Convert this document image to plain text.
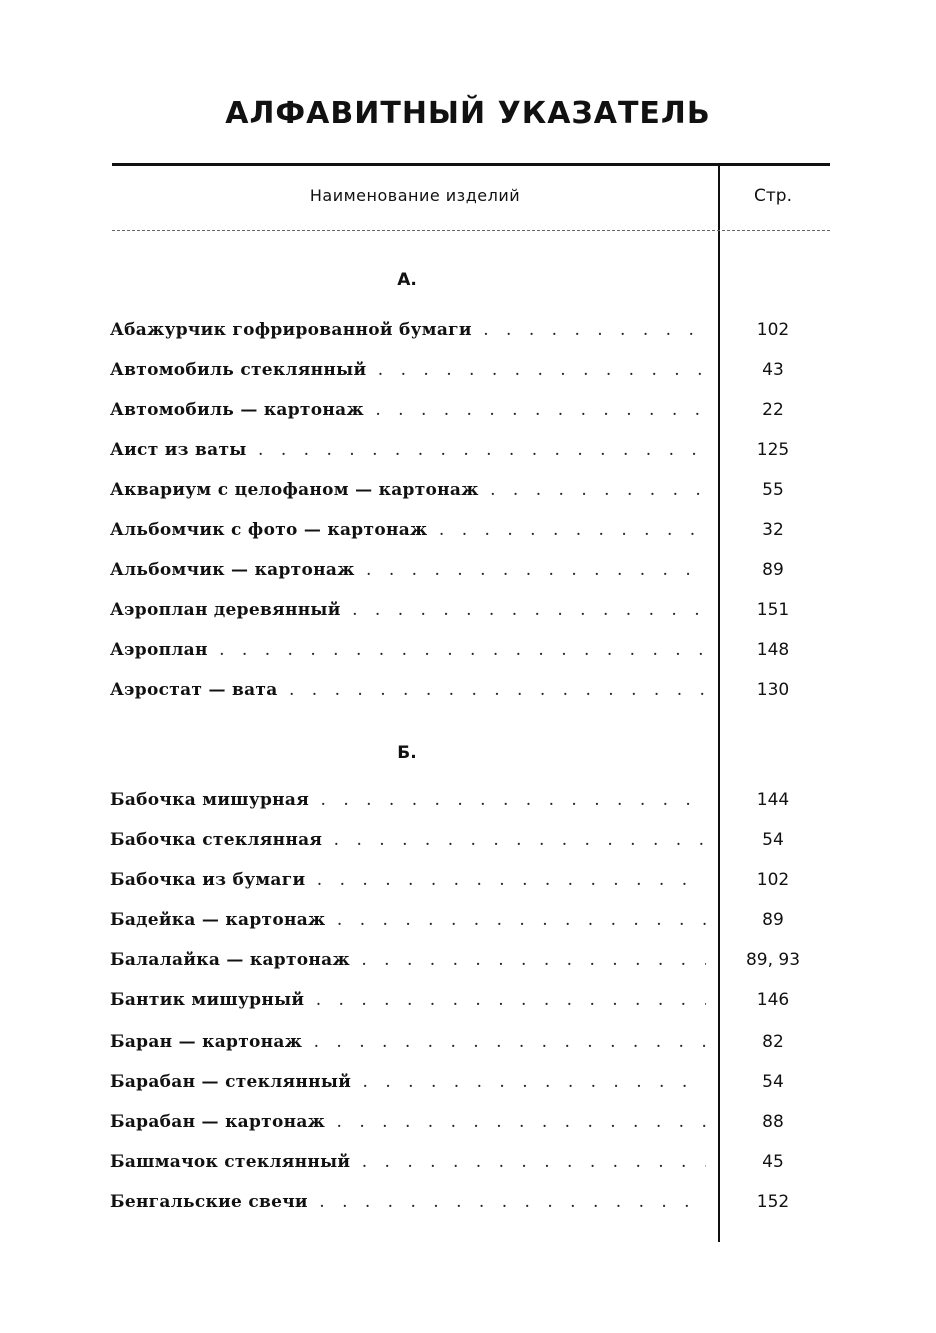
АЛФАВИТНЫЙ УКАЗАТЕЛЬ
Наименование изделий	Стр.
А.
Абажурчик гофрированной бумаги . . .	102
Автомобиль стеклянный . . .	43
Автомобиль — картонаж . . .	22
Аист из ваты . . .	125
Аквариум с целофаном — картонаж . . .	55
Альбомчик с фото — картонаж . . .	32
Альбомчик — картонаж . . .	89
Аэроплан деревянный . . .	151
Аэроплан . . .	148
Аэростат — вата . . .	130
Б.
Бабочка мишурная . . .	144
Бабочка стеклянная . . .	54
Бабочка из бумаги . . .	102
Бадейка — картонаж . . .	89
Балалайка — картонаж . . .	89, 93
Бантик мишурный . . .	146
Баран — картонаж . . .	82
Барабан — стеклянный . . .	54
Барабан — картонаж . . .	88
Башмачок стеклянный . . .	45
Бенгальские свечи . . .	152
